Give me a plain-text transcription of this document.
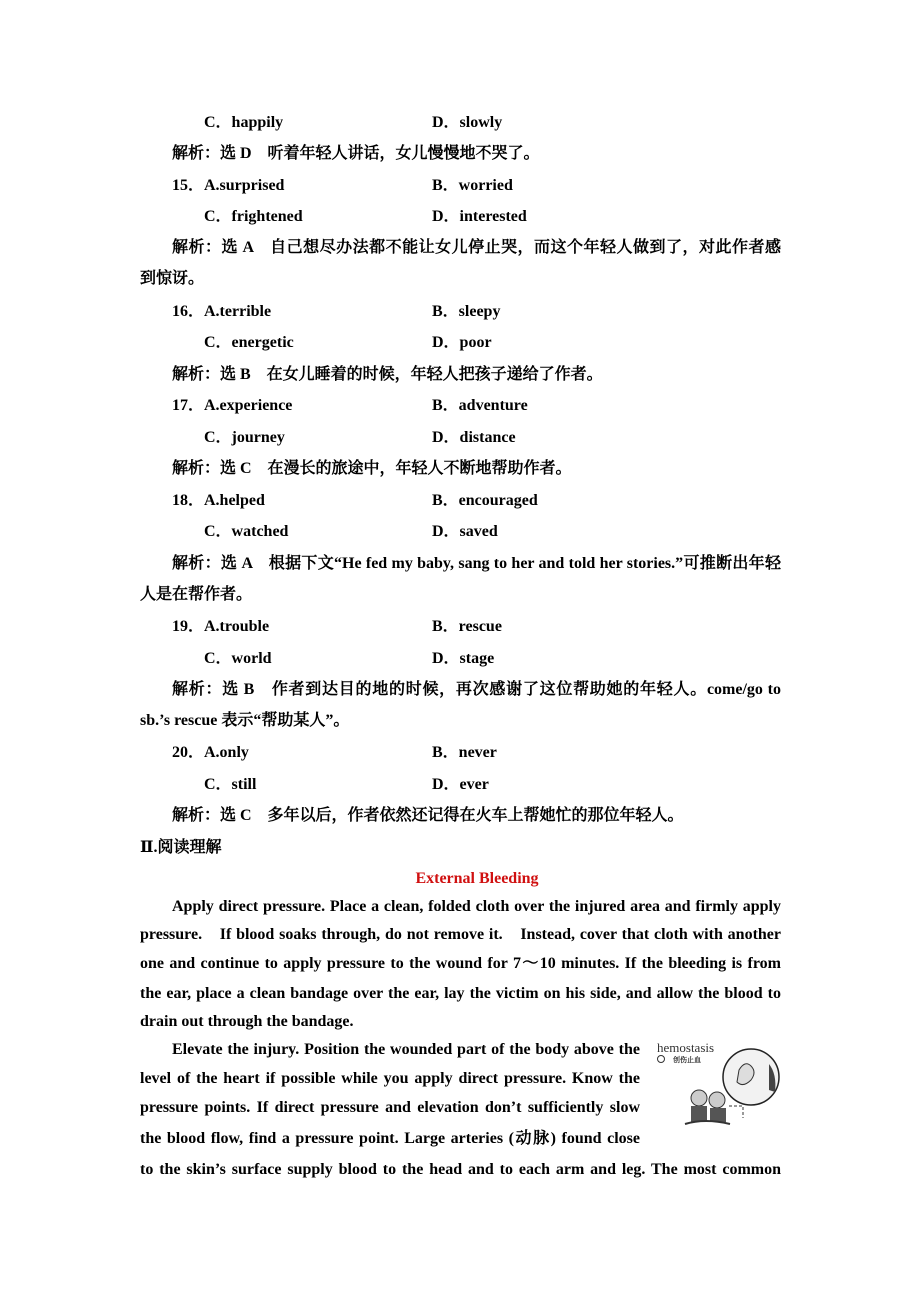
C．happily	D．slowly
解析：选 D　听着年轻人讲话，女儿慢慢地不哭了。
15．A.surprised	B．worried
C．frightened	D．interested
解析：选 A　自己想尽办法都不能让女儿停止哭，而这个年轻人做到了，对此作者感
到惊讶。
16．A.terrible	B．sleepy
C．energetic	D．poor
解析：选 B　在女儿睡着的时候，年轻人把孩子递给了作者。
17．A.experience	B．adventure
C．journey	D．distance
解析：选 C　在漫长的旅途中，年轻人不断地帮助作者。
18．A.helped	B．encouraged
C．watched	D．saved
解析：选 A　根据下文“He fed my baby, sang to her and told her stories.”可推断出年轻
人是在帮作者。
19．A.trouble	B．rescue
C．world	D．stage
解析：选 B　作者到达目的地的时候，再次感谢了这位帮助她的年轻人。come/go to
sb.’s rescue 表示“帮助某人”。
20．A.only	B．never
C．still	D．ever
解析：选 C　多年以后，作者依然还记得在火车上帮她忙的那位年轻人。
Ⅱ.阅读理解
External Bleeding
Apply direct pressure. Place a clean, folded cloth over the injured area and firmly apply
pressure.　If blood soaks through, do not remove it.　Instead, cover that cloth with another
one and continue to apply pressure to the wound for 7～10 minutes. If the bleeding is from
the ear, place a clean bandage over the ear, lay the victim on his side, and allow the blood to
drain out through the bandage.
Elevate the injury. Position the wounded part of the body above the
level of the heart if possible while you apply direct pressure. Know the
pressure points. If direct pressure and elevation don’t sufficiently slow
the blood flow, find a pressure point. Large arteries (动脉) found close
to the skin’s surface supply blood to the head and to each arm and leg. The most common
hemostasis
创伤止血
